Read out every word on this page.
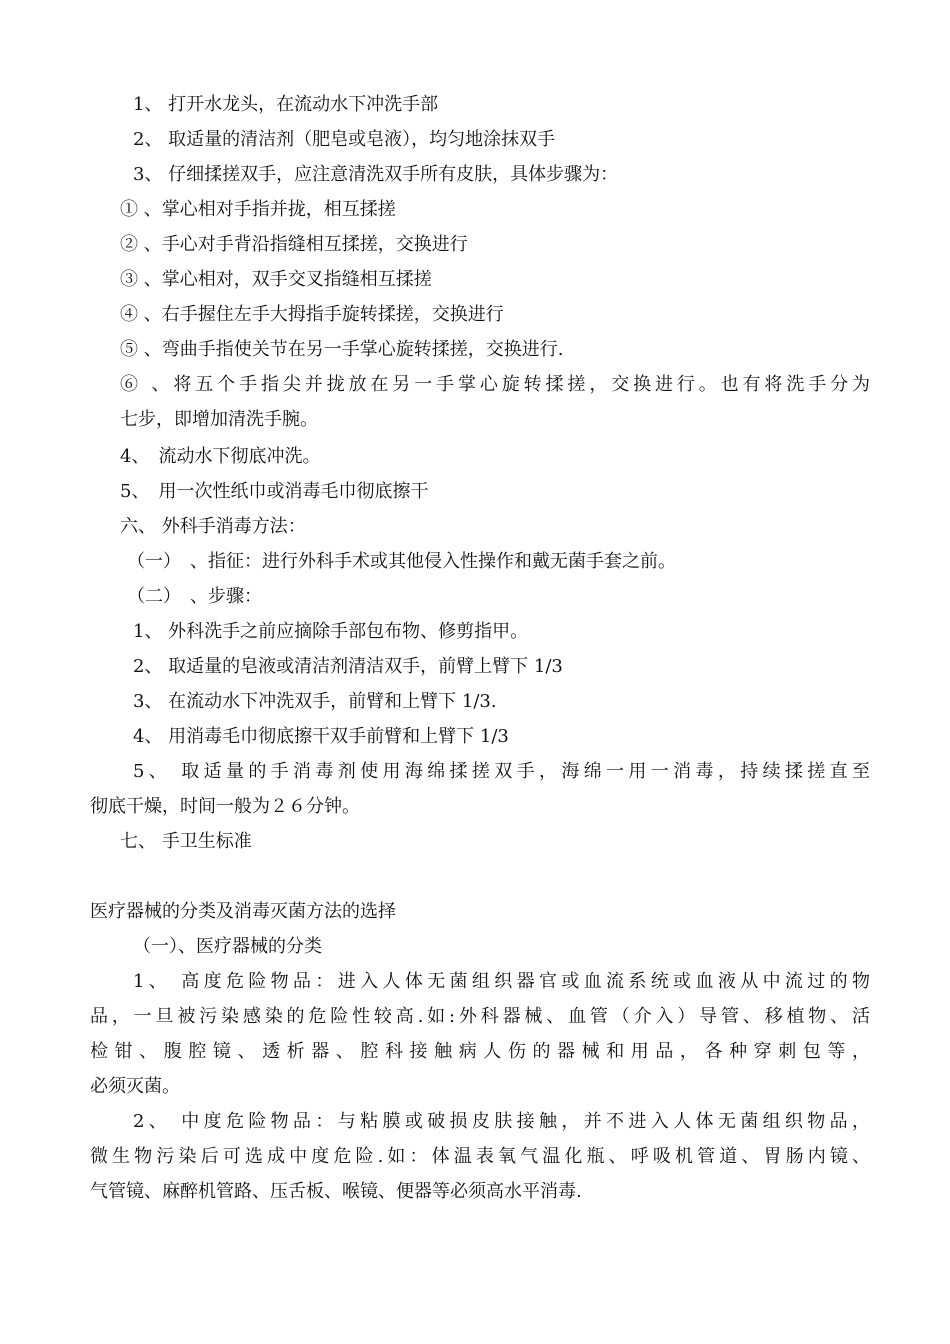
1、 打开水龙头，在流动水下冲洗手部
2、 取适量的清洁剂（肥皂或皂液），均匀地涂抹双手
3、 仔细揉搓双手，应注意清洗双手所有皮肤，具体步骤为：
① 、掌心相对手指并拢，相互揉搓
② 、手心对手背沿指缝相互揉搓，交换进行
③ 、掌心相对，双手交叉指缝相互揉搓
④ 、右手握住左手大拇指手旋转揉搓，交换进行
⑤ 、弯曲手指使关节在另一手掌心旋转揉搓，交换进行.
⑥ 、将五个手指尖并拢放在另一手掌心旋转揉搓，交换进行。也有将洗手分为
七步，即增加清洗手腕。
4、　流动水下彻底冲洗。
5、　用一次性纸巾或消毒毛巾彻底擦干
六、 外科手消毒方法：
（一）　、指征：进行外科手术或其他侵入性操作和戴无菌手套之前。
（二）　、步骤：
1、 外科洗手之前应摘除手部包布物、修剪指甲。
2、 取适量的皂液或清洁剂清洁双手，前臂上臂下 1/3
3、 在流动水下冲洗双手，前臂和上臂下 1/3.
4、 用消毒毛巾彻底擦干双手前臂和上臂下 1/3
5、 取适量的手消毒剂使用海绵揉搓双手，海绵一用一消毒，持续揉搓直至
彻底干燥，时间一般为２６分钟。
七、 手卫生标准
医疗器械的分类及消毒灭菌方法的选择
（一）、医疗器械的分类
1、 高度危险物品：进入人体无菌组织器官或血流系统或血液从中流过的物
品，一旦被污染感染的危险性较高.如:外科器械、血管（介入）导管、移植物、活
检钳、腹腔镜、透析器、腔科接触病人伤的器械和用品，各种穿刺包等，
必须灭菌。
2、 中度危险物品：与粘膜或破损皮肤接触，并不进入人体无菌组织物品，
微生物污染后可选成中度危险.如：体温表氧气温化瓶、呼吸机管道、胃肠内镜、
气管镜、麻醉机管路、压舌板、喉镜、便器等必须高水平消毒.
